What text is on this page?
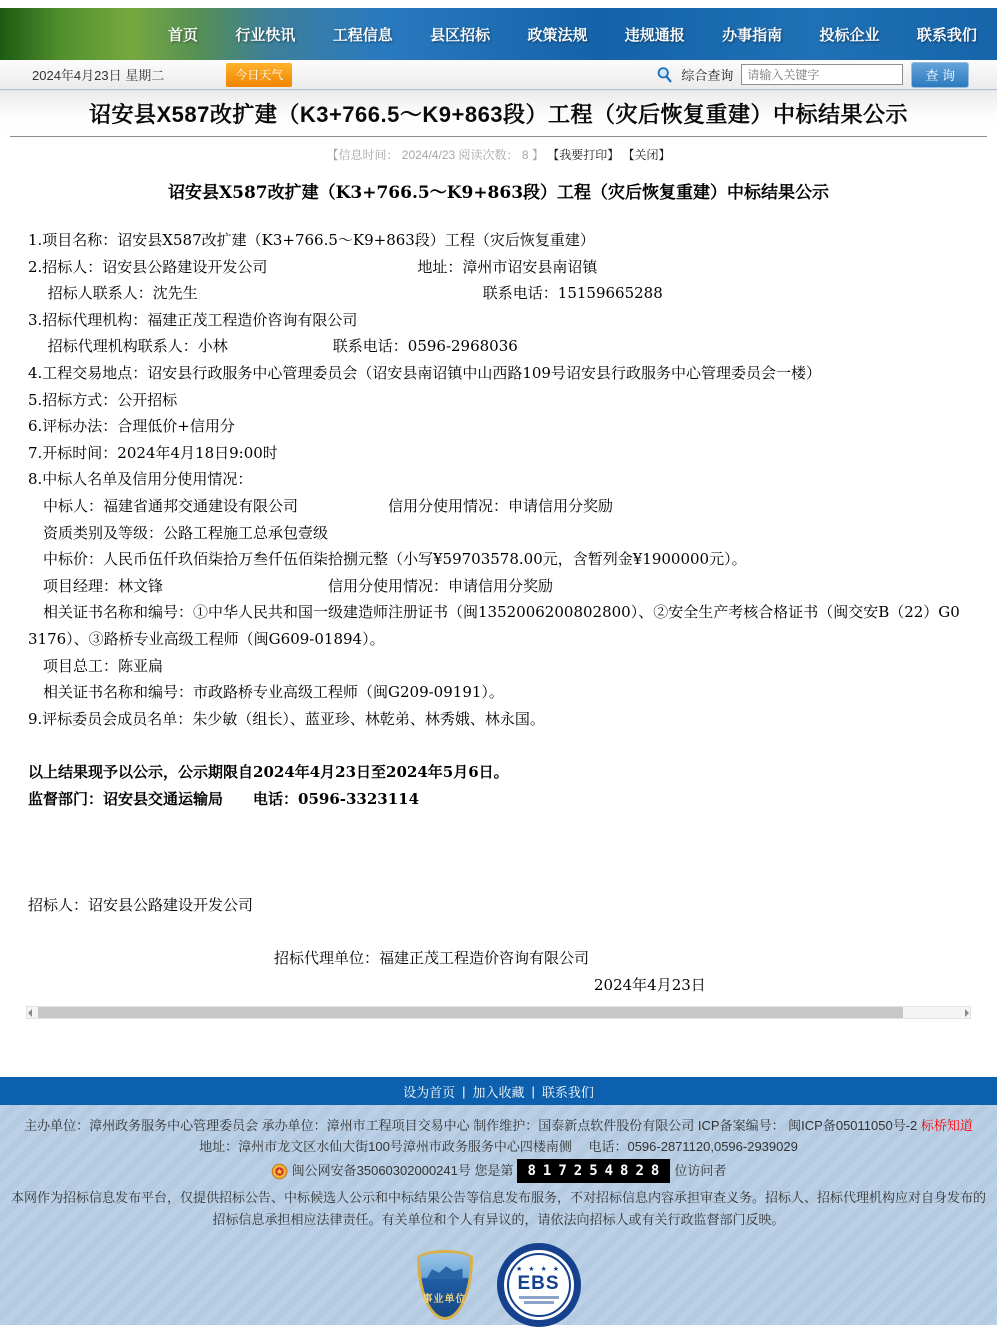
首页 行业快讯 工程信息 县区招标 政策法规 违规通报 办事指南 投标企业 联系我们
2024年4月23日 星期二	今日天气	综合查询
请输入关键字	查 询
诏安县X587改扩建（K3+766.5～K9+863段）工程（灾后恢复重建）中标结果公示
【信息时间： 2024/4/23 阅读次数： 8 】 【我要打印】 【关闭】
诏安县X587改扩建（K3+766.5～K9+863段）工程（灾后恢复重建）中标结果公示

1.项目名称：诏安县X587改扩建（K3+766.5～K9+863段）工程（灾后恢复重建）

2.招标人：诏安县公路建设开发公司　　　　　　　　　　地址：漳州市诏安县南诏镇

　 招标人联系人：沈先生　　　　　　　　　　　　　　　　　　　联系电话：15159665288

3.招标代理机构：福建正茂工程造价咨询有限公司

　 招标代理机构联系人：小林　　　　　　　联系电话：0596-2968036

4.工程交易地点：诏安县行政服务中心管理委员会（诏安县南诏镇中山西路109号诏安县行政服务中心管理委员会一楼）

5.招标方式：公开招标

6.评标办法：合理低价+信用分

7.开标时间：2024年4月18日9:00时

8.中标人名单及信用分使用情况：

　中标人：福建省通邦交通建设有限公司　　　　　　信用分使用情况：申请信用分奖励

　资质类别及等级：公路工程施工总承包壹级

　中标价：人民币伍仟玖佰柒拾万叁仟伍佰柒拾捌元整（小写¥59703578.00元，含暂列金¥1900000元）。

　项目经理：林文锋　　　　　　　　　　　信用分使用情况：申请信用分奖励

　相关证书名称和编号：①中华人民共和国一级建造师注册证书（闽1352006200802800）、②安全生产考核合格证书（闽交安B（22）G03176）、③路桥专业高级工程师（闽G609-01894）。

　项目总工：陈亚扁

　相关证书名称和编号：市政路桥专业高级工程师（闽G209-09191）。

9.评标委员会成员名单：朱少敏（组长）、蓝亚珍、林乾弟、林秀娥、林永国。

以上结果现予以公示，公示期限自2024年4月23日至2024年5月6日。

监督部门：诏安县交通运输局　　电话：0596-3323114

招标人：诏安县公路建设开发公司

招标代理单位：福建正茂工程造价咨询有限公司

2024年4月23日

设为首页 | 加入收藏 | 联系我们
主办单位：漳州政务服务中心管理委员会 承办单位：漳州市工程项目交易中心 制作维护：国泰新点软件股份有限公司 ICP备案编号： 闽ICP备05011050号-2 标桥知道
地址：漳州市龙文区水仙大街100号漳州市政务服务中心四楼南侧　 电话：0596-2871120,0596-2939029
闽公网安备35060302000241号 您是第	817254828 位访问者
本网作为招标信息发布平台，仅提供招标公告、中标候选人公示和中标结果公告等信息发布服务，不对招标信息内容承担审查义务。招标人、招标代理机构应对自身发布的招标信息承担相应法律责任。有关单位和个人有异议的，请依法向招标人或有关行政监督部门反映。
事业单位
★ ★ ★ ★
EBS
